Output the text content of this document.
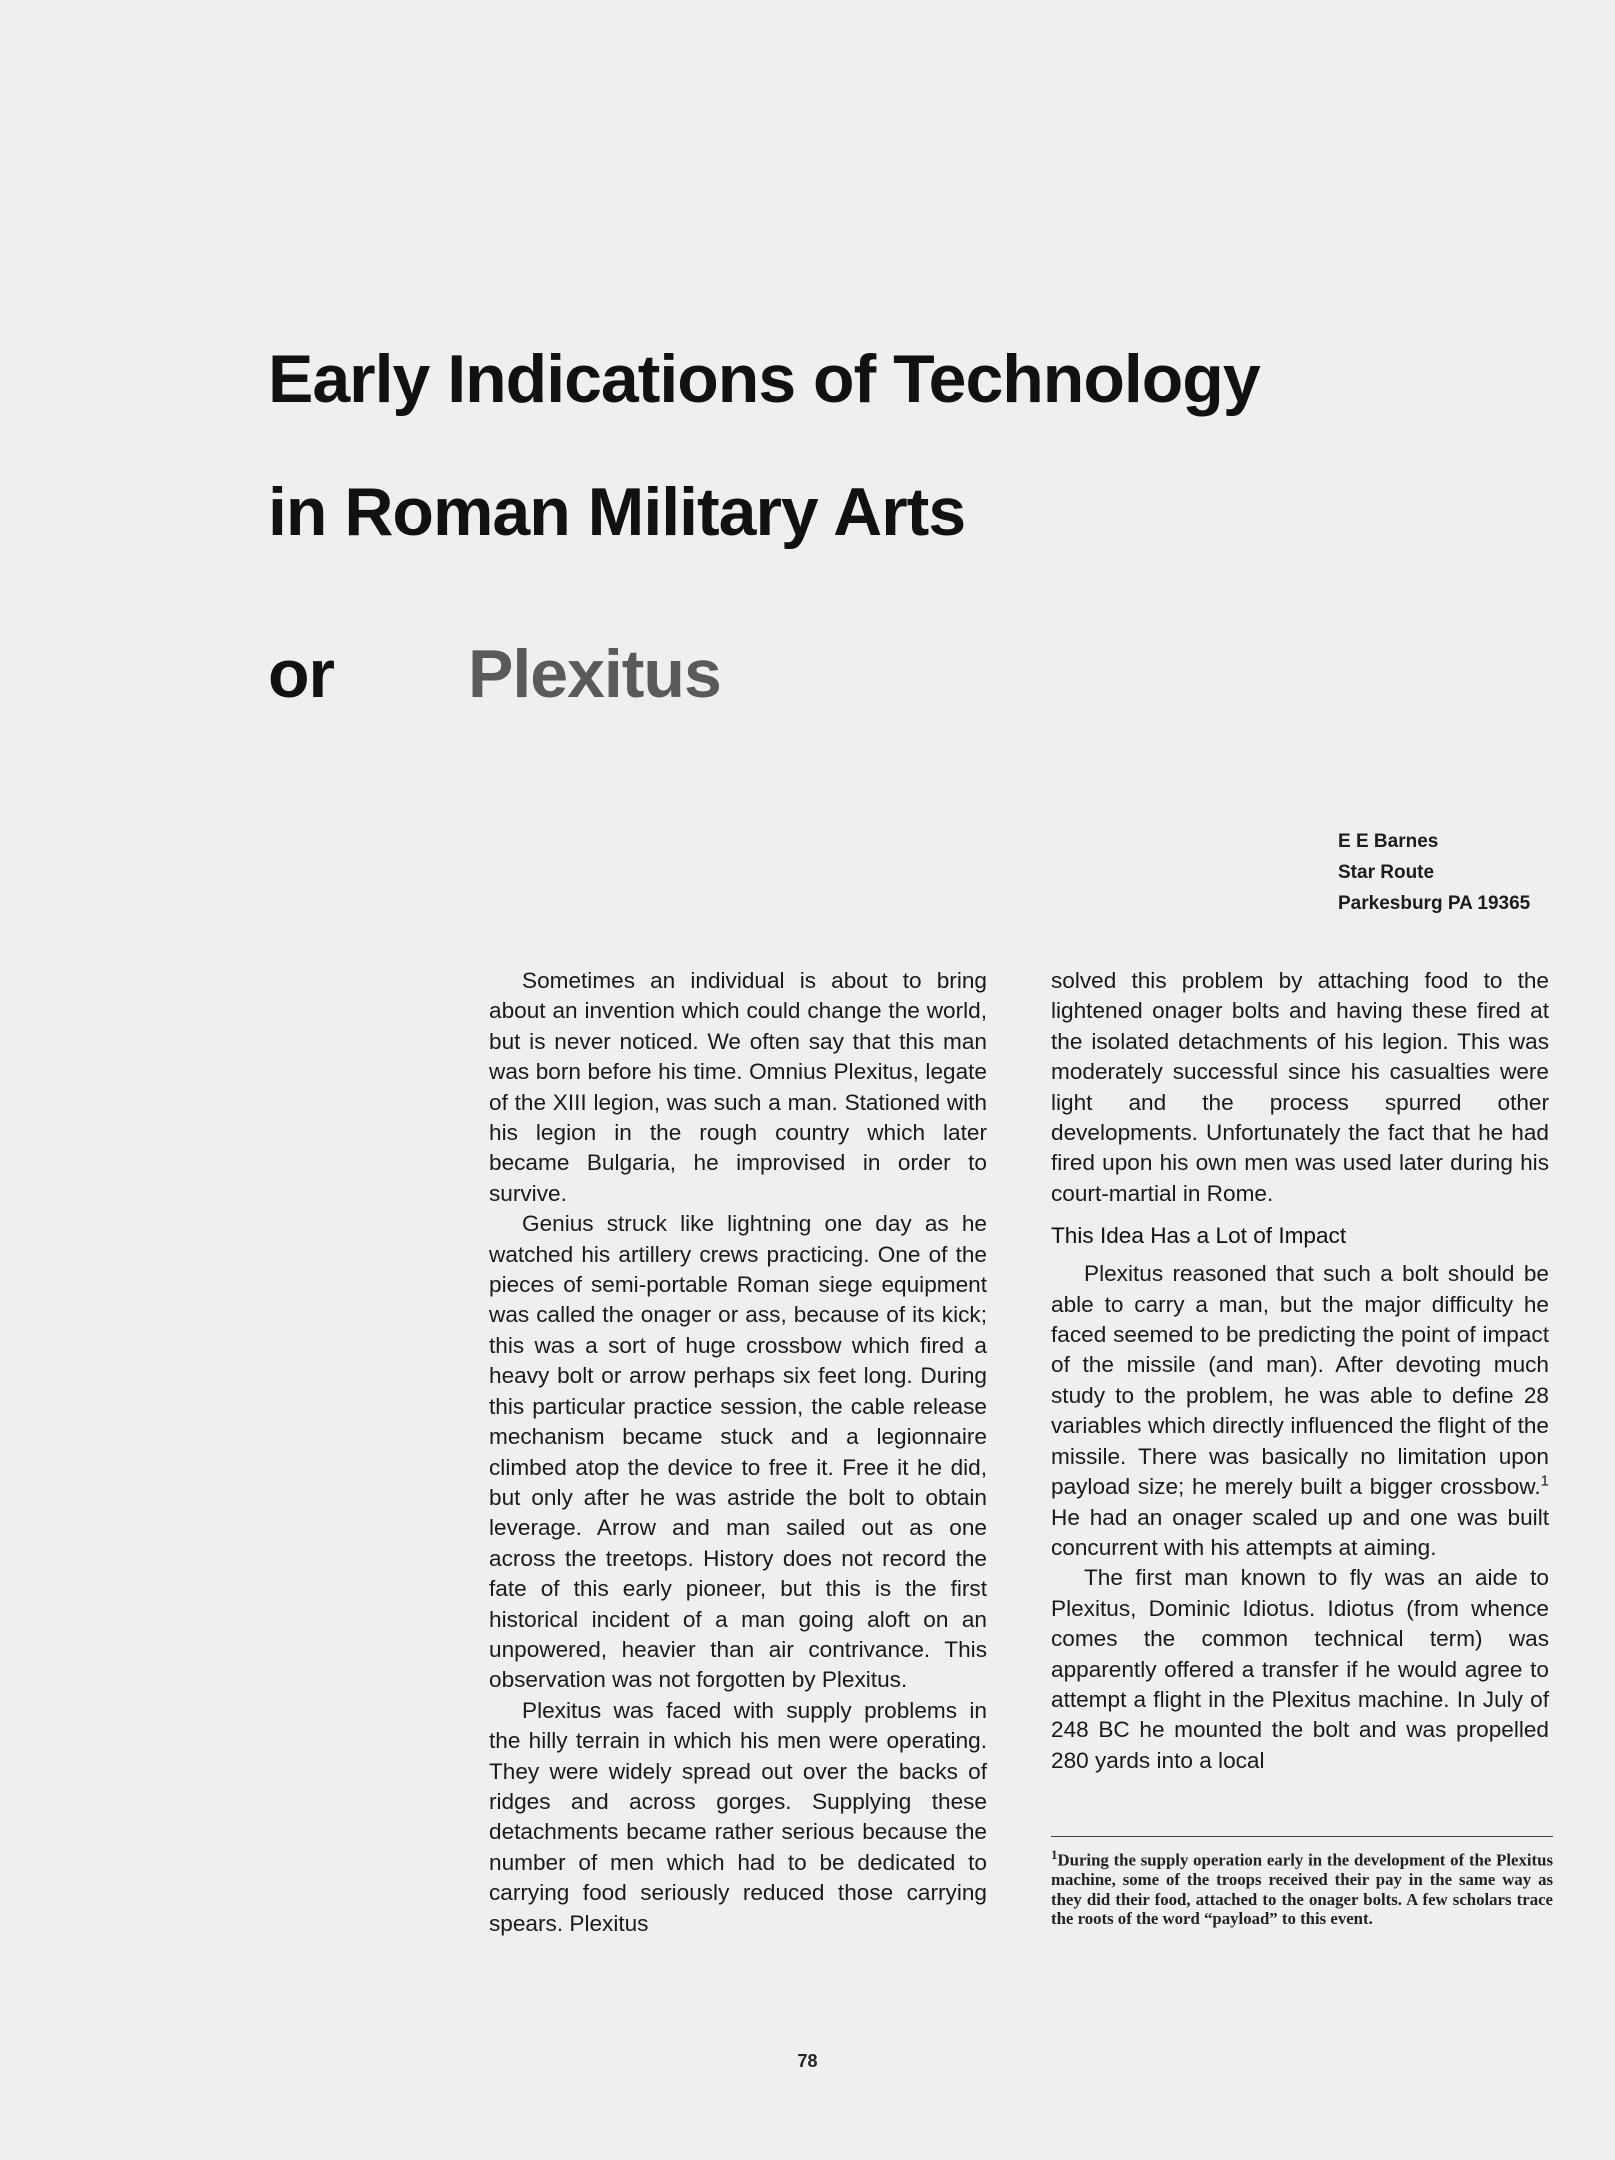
Early Indications of Technology
in Roman Military Arts
or Plexitus
E E Barnes
Star Route
Parkesburg PA 19365

Sometimes an individual is about to bring about an invention which could change the world, but is never noticed. We often say that this man was born before his time. Omnius Plexitus, legate of the XIII legion, was such a man. Stationed with his legion in the rough country which later became Bulgaria, he improvised in order to survive.

Genius struck like lightning one day as he watched his artillery crews practicing. One of the pieces of semi-portable Roman siege equipment was called the onager or ass, because of its kick; this was a sort of huge crossbow which fired a heavy bolt or arrow perhaps six feet long. During this particular practice session, the cable release mechanism became stuck and a legionnaire climbed atop the device to free it. Free it he did, but only after he was astride the bolt to obtain leverage. Arrow and man sailed out as one across the treetops. History does not record the fate of this early pioneer, but this is the first historical incident of a man going aloft on an unpowered, heavier than air contrivance. This observation was not forgotten by Plexitus.

Plexitus was faced with supply problems in the hilly terrain in which his men were operating. They were widely spread out over the backs of ridges and across gorges. Supplying these detachments became rather serious because the number of men which had to be dedicated to carrying food seriously reduced those carrying spears. Plexitus

solved this problem by attaching food to the lightened onager bolts and having these fired at the isolated detachments of his legion. This was moderately successful since his casualties were light and the process spurred other developments. Unfortunately the fact that he had fired upon his own men was used later during his court-martial in Rome.

This Idea Has a Lot of Impact

Plexitus reasoned that such a bolt should be able to carry a man, but the major difficulty he faced seemed to be predicting the point of impact of the missile (and man). After devoting much study to the problem, he was able to define 28 variables which directly influenced the flight of the missile. There was basically no limitation upon payload size; he merely built a bigger crossbow.$^1$ He had an onager scaled up and one was built concurrent with his attempts at aiming.

The first man known to fly was an aide to Plexitus, Dominic Idiotus. Idiotus (from whence comes the common technical term) was apparently offered a transfer if he would agree to attempt a flight in the Plexitus machine. In July of 248 BC he mounted the bolt and was propelled 280 yards into a local

$^1$During the supply operation early in the development of the Plexitus machine, some of the troops received their pay in the same way as they did their food, attached to the onager bolts. A few scholars trace the roots of the word “payload” to this event.
78
